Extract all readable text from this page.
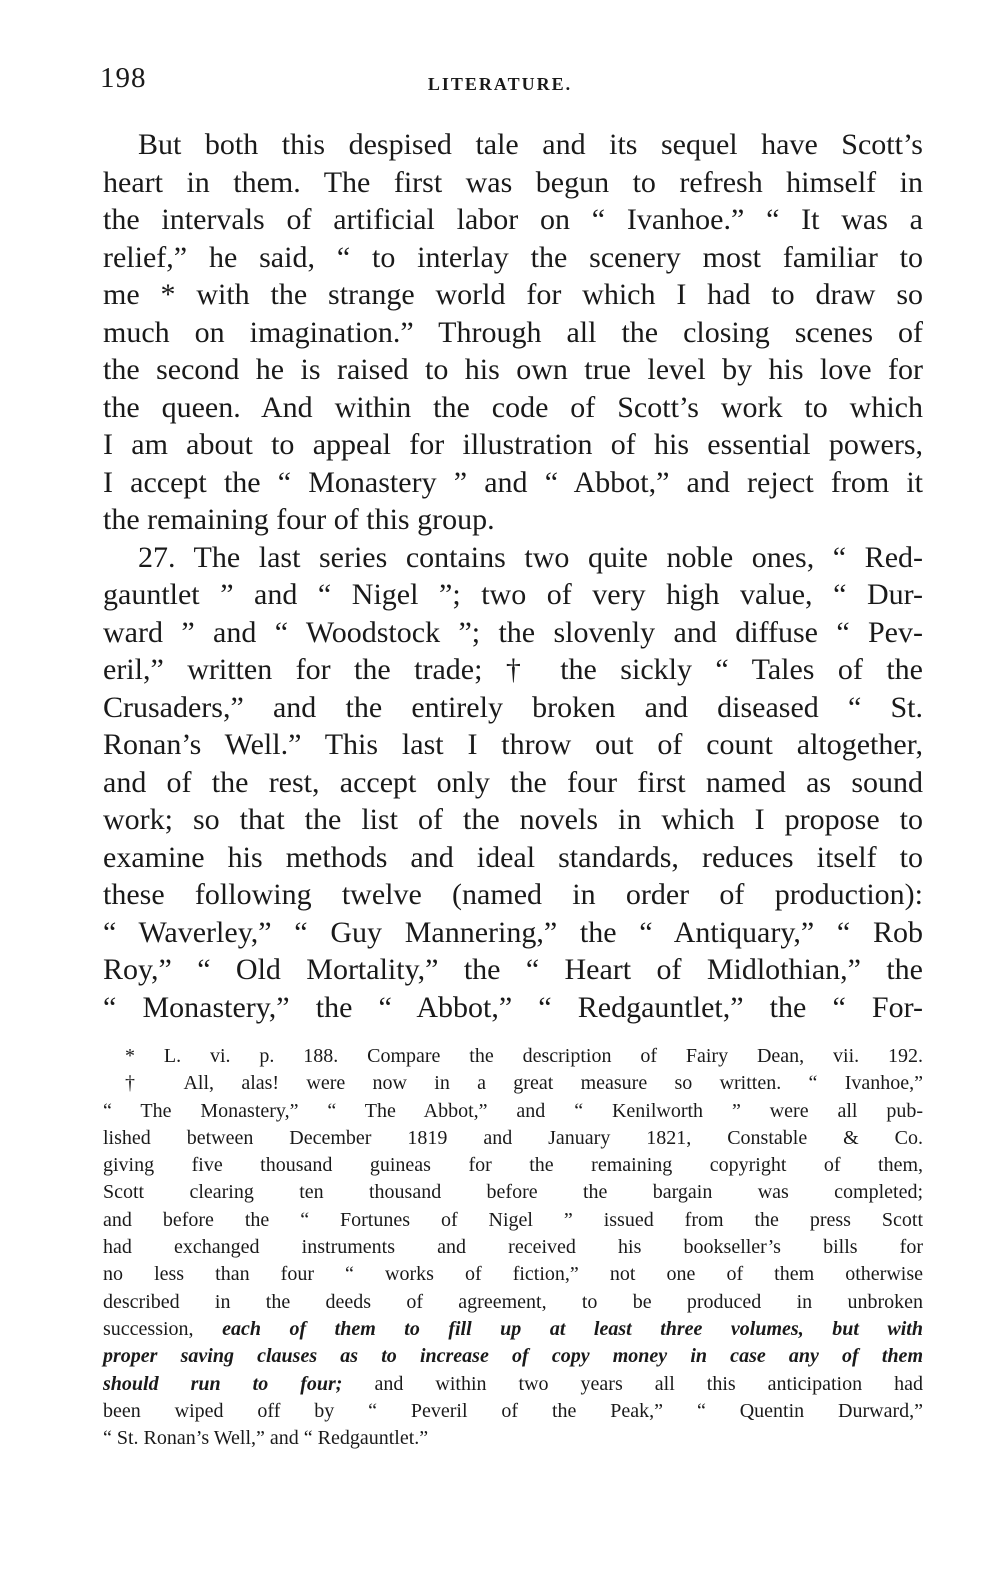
198	LITERATURE.
But both this despised tale and its sequel have Scott’s
heart in them. The first was begun to refresh himself in
the intervals of artificial labor on “ Ivanhoe.” “ It was a
relief,” he said, “ to interlay the scenery most familiar to
me * with the strange world for which I had to draw so
much on imagination.” Through all the closing scenes of
the second he is raised to his own true level by his love for
the queen. And within the code of Scott’s work to which
I am about to appeal for illustration of his essential powers,
I accept the “ Monastery ” and “ Abbot,” and reject from it
the remaining four of this group.
27. The last series contains two quite noble ones, “ Red-
gauntlet ” and “ Nigel ”; two of very high value, “ Dur-
ward ” and “ Woodstock ”; the slovenly and diffuse “ Pev-
eril,” written for the trade; † the sickly “ Tales of the
Crusaders,” and the entirely broken and diseased “ St.
Ronan’s Well.” This last I throw out of count altogether,
and of the rest, accept only the four first named as sound
work; so that the list of the novels in which I propose to
examine his methods and ideal standards, reduces itself to
these following twelve (named in order of production):
“ Waverley,” “ Guy Mannering,” the “ Antiquary,” “ Rob
Roy,” “ Old Mortality,” the “ Heart of Midlothian,” the
“ Monastery,” the “ Abbot,” “ Redgauntlet,” the “ For-
* L. vi. p. 188. Compare the description of Fairy Dean, vii. 192.
† All, alas! were now in a great measure so written. “ Ivanhoe,”
“ The Monastery,” “ The Abbot,” and “ Kenilworth ” were all pub-
lished between December 1819 and January 1821, Constable & Co.
giving five thousand guineas for the remaining copyright of them,
Scott clearing ten thousand before the bargain was completed;
and before the “ Fortunes of Nigel ” issued from the press Scott
had exchanged instruments and received his bookseller’s bills for
no less than four “ works of fiction,” not one of them otherwise
described in the deeds of agreement, to be produced in unbroken
succession, each of them to fill up at least three volumes, but with
proper saving clauses as to increase of copy money in case any of them
should run to four; and within two years all this anticipation had
been wiped off by “ Peveril of the Peak,” “ Quentin Durward,”
“ St. Ronan’s Well,” and “ Redgauntlet.”
